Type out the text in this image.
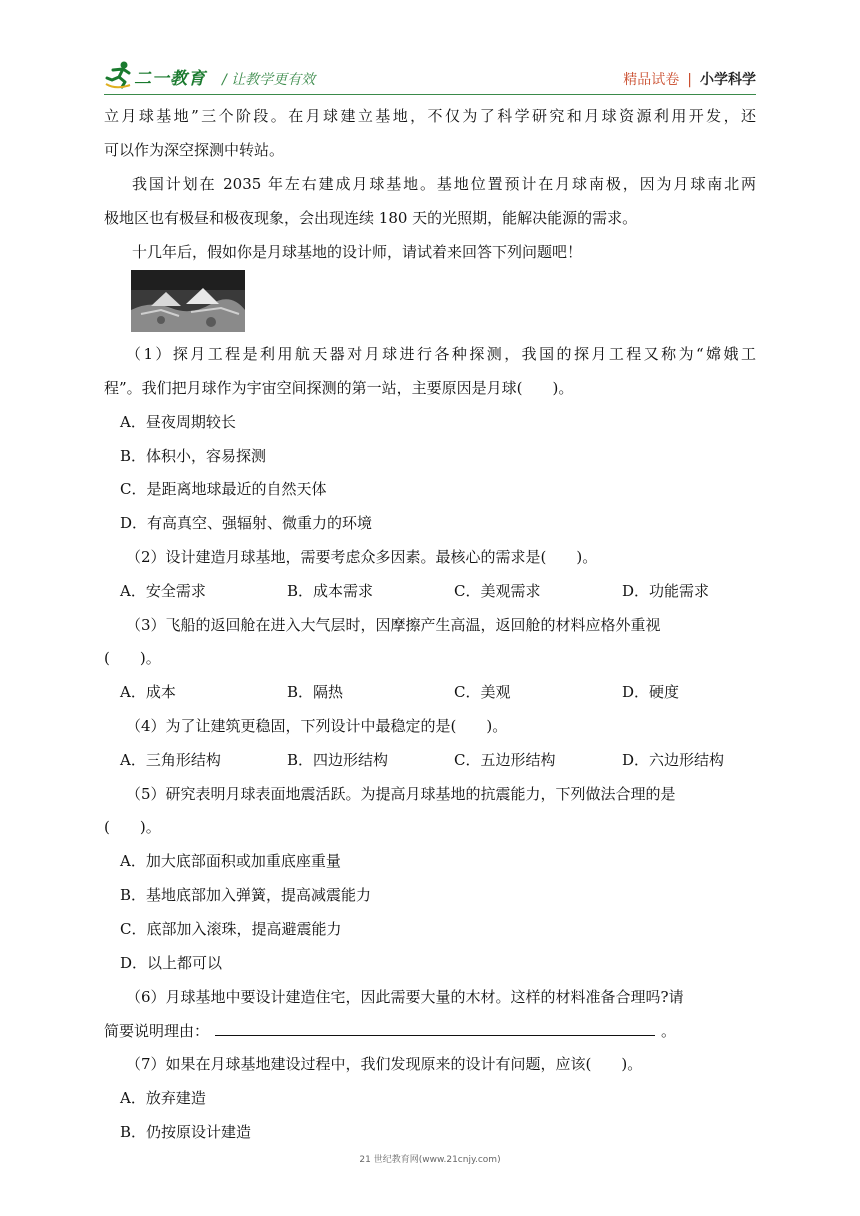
二一教育 / 让教学更有效	精品试卷 | 小学科学
立月球基地”三个阶段。在月球建立基地，不仅为了科学研究和月球资源利用开发，还
可以作为深空探测中转站。
我国计划在 2035 年左右建成月球基地。基地位置预计在月球南极，因为月球南北两
极地区也有极昼和极夜现象，会出现连续 180 天的光照期，能解决能源的需求。
十几年后，假如你是月球基地的设计师，请试着来回答下列问题吧！
（1）探月工程是利用航天器对月球进行各种探测，我国的探月工程又称为“嫦娥工
程”。我们把月球作为宇宙空间探测的第一站，主要原因是月球(　　)。
A．昼夜周期较长
B．体积小，容易探测
C．是距离地球最近的自然天体
D．有高真空、强辐射、微重力的环境
（2）设计建造月球基地，需要考虑众多因素。最核心的需求是(　　)。
A．安全需求	B．成本需求	C．美观需求	D．功能需求
（3）飞船的返回舱在进入大气层时，因摩擦产生高温，返回舱的材料应格外重视
(　　)。
A．成本	B．隔热	C．美观	D．硬度
（4）为了让建筑更稳固，下列设计中最稳定的是(　　)。
A．三角形结构	B．四边形结构	C．五边形结构	D．六边形结构
（5）研究表明月球表面地震活跃。为提高月球基地的抗震能力，下列做法合理的是
(　　)。
A．加大底部面积或加重底座重量
B．基地底部加入弹簧，提高减震能力
C．底部加入滚珠，提高避震能力
D．以上都可以
（6）月球基地中要设计建造住宅，因此需要大量的木材。这样的材料准备合理吗?请
简要说明理由：	。
（7）如果在月球基地建设过程中，我们发现原来的设计有问题，应该(　　)。
A．放弃建造
B．仍按原设计建造
21 世纪教育网(www.21cnjy.com)
